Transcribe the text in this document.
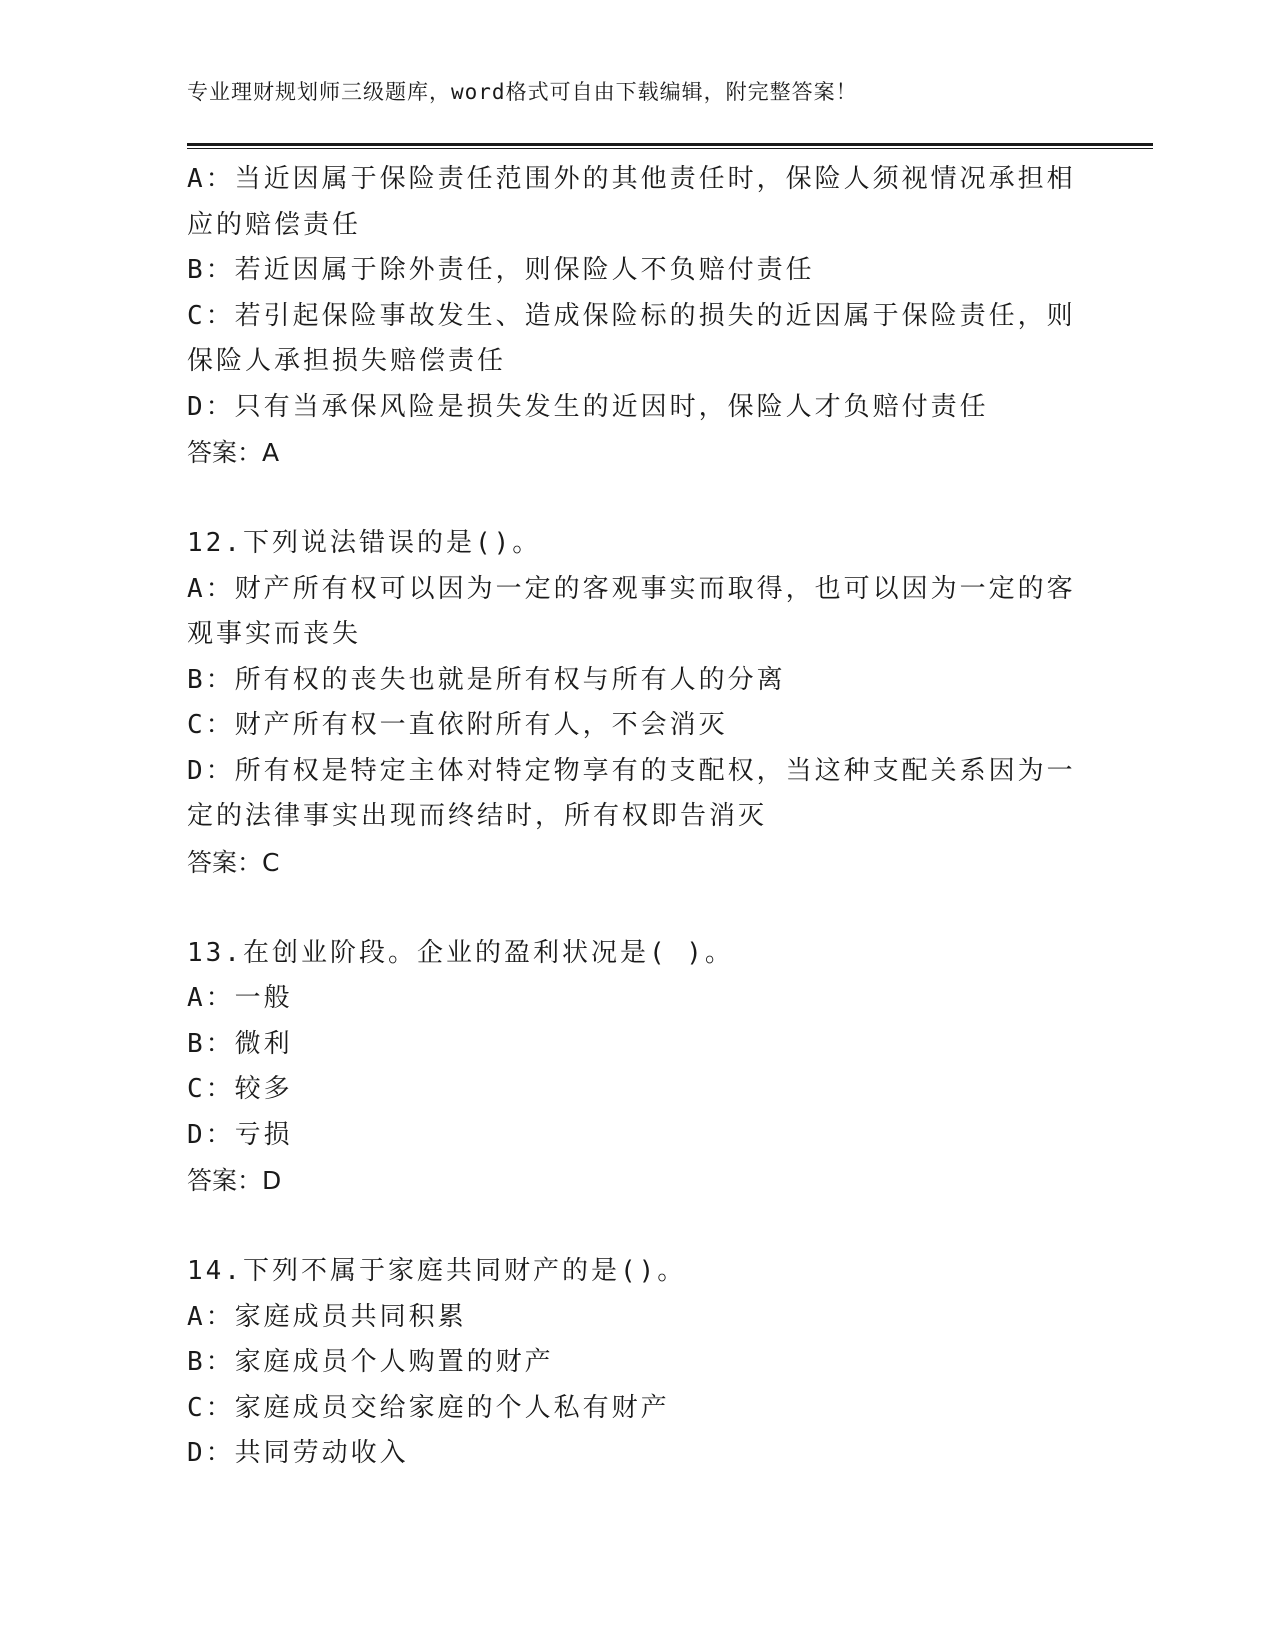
专业理财规划师三级题库，word格式可自由下载编辑，附完整答案！
A：当近因属于保险责任范围外的其他责任时，保险人须视情况承担相
应的赔偿责任
B：若近因属于除外责任，则保险人不负赔付责任
C：若引起保险事故发生、造成保险标的损失的近因属于保险责任，则
保险人承担损失赔偿责任
D：只有当承保风险是损失发生的近因时，保险人才负赔付责任
答案：A
12.下列说法错误的是()。
A：财产所有权可以因为一定的客观事实而取得，也可以因为一定的客
观事实而丧失
B：所有权的丧失也就是所有权与所有人的分离
C：财产所有权一直依附所有人，不会消灭
D：所有权是特定主体对特定物享有的支配权，当这种支配关系因为一
定的法律事实出现而终结时，所有权即告消灭
答案：C
13.在创业阶段。企业的盈利状况是( )。
A：一般
B：微利
C：较多
D：亏损
答案：D
14.下列不属于家庭共同财产的是()。
A：家庭成员共同积累
B：家庭成员个人购置的财产
C：家庭成员交给家庭的个人私有财产
D：共同劳动收入
